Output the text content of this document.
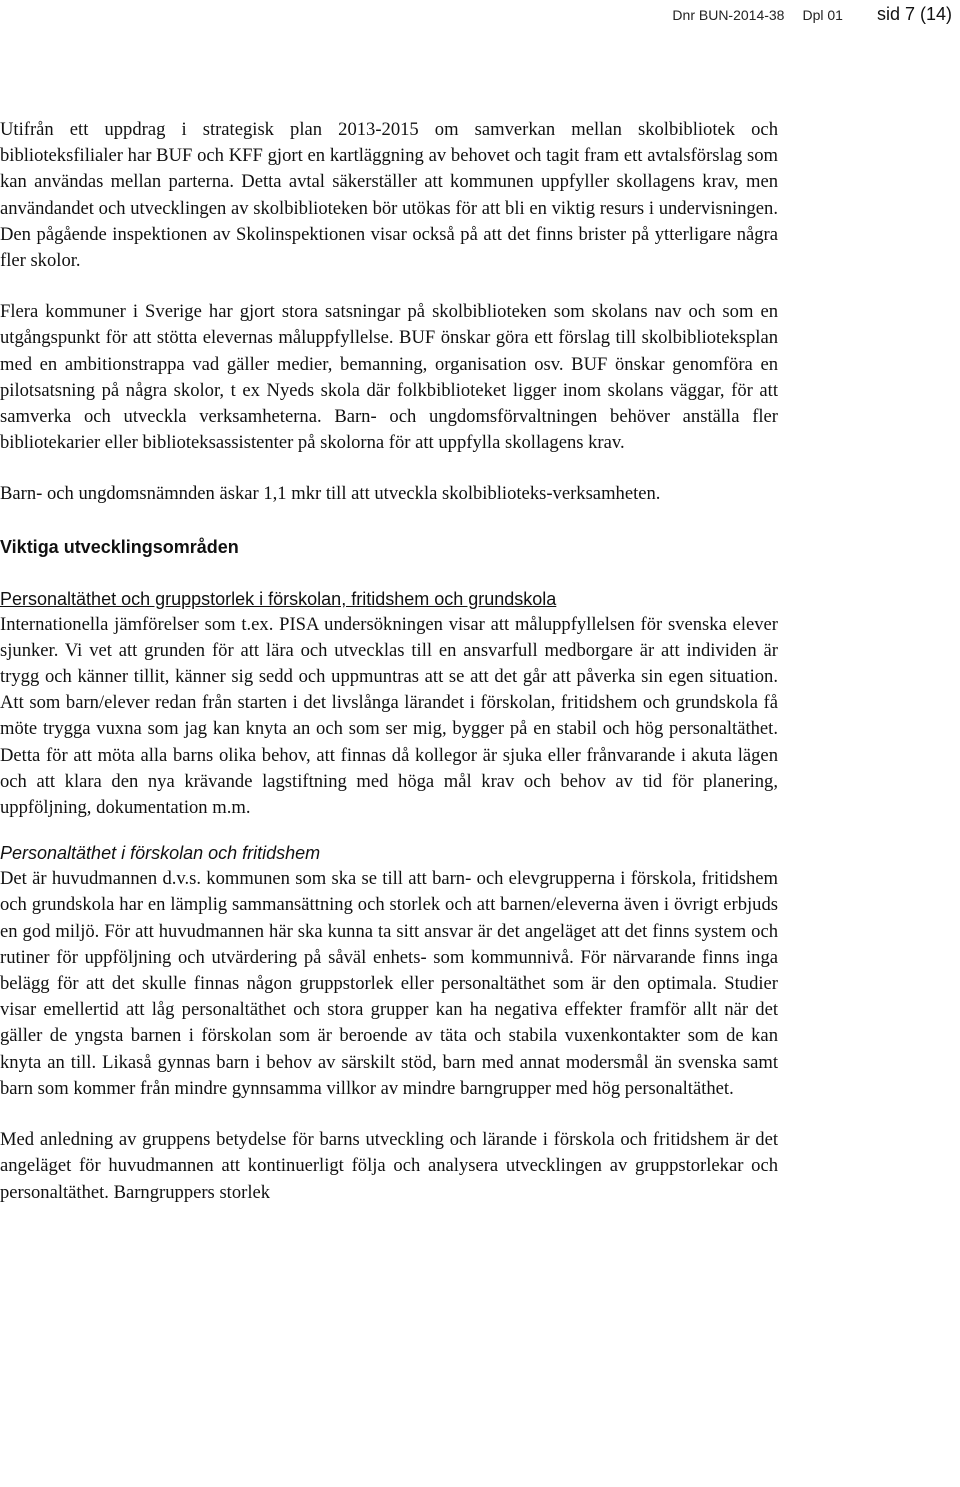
Dnr BUN-2014-38 Dpl 01 sid 7 (14)

Utifrån ett uppdrag i strategisk plan 2013-2015 om samverkan mellan skolbibliotek och biblioteksfilialer har BUF och KFF gjort en kartläggning av behovet och tagit fram ett avtalsförslag som kan användas mellan parterna. Detta avtal säkerställer att kommunen uppfyller skollagens krav, men användandet och utvecklingen av skolbiblioteken bör utökas för att bli en viktig resurs i undervisningen. Den pågående inspektionen av Skolinspektionen visar också på att det finns brister på ytterligare några fler skolor.

Flera kommuner i Sverige har gjort stora satsningar på skolbiblioteken som skolans nav och som en utgångspunkt för att stötta elevernas måluppfyllelse. BUF önskar göra ett förslag till skolbiblioteksplan med en ambitionstrappa vad gäller medier, bemanning, organisation osv. BUF önskar genomföra en pilotsatsning på några skolor, t ex Nyeds skola där folkbiblioteket ligger inom skolans väggar, för att samverka och utveckla verksamheterna. Barn- och ungdomsförvaltningen behöver anställa fler bibliotekarier eller biblioteksassistenter på skolorna för att uppfylla skollagens krav.

Barn- och ungdomsnämnden äskar 1,1 mkr till att utveckla skolbiblioteks-verksamheten.

Viktiga utvecklingsområden

Personaltäthet och gruppstorlek i förskolan, fritidshem och grundskola

Internationella jämförelser som t.ex. PISA undersökningen visar att måluppfyllelsen för svenska elever sjunker. Vi vet att grunden för att lära och utvecklas till en ansvarfull medborgare är att individen är trygg och känner tillit, känner sig sedd och uppmuntras att se att det går att påverka sin egen situation. Att som barn/elever redan från starten i det livslånga lärandet i förskolan, fritidshem och grundskola få möte trygga vuxna som jag kan knyta an och som ser mig, bygger på en stabil och hög personaltäthet. Detta för att möta alla barns olika behov, att finnas då kollegor är sjuka eller frånvarande i akuta lägen och att klara den nya krävande lagstiftning med höga mål krav och behov av tid för planering, uppföljning, dokumentation m.m.

Personaltäthet i förskolan och fritidshem

Det är huvudmannen d.v.s. kommunen som ska se till att barn- och elevgrupperna i förskola, fritidshem och grundskola har en lämplig sammansättning och storlek och att barnen/eleverna även i övrigt erbjuds en god miljö. För att huvudmannen här ska kunna ta sitt ansvar är det angeläget att det finns system och rutiner för uppföljning och utvärdering på såväl enhets- som kommunnivå. För närvarande finns inga belägg för att det skulle finnas någon gruppstorlek eller personaltäthet som är den optimala. Studier visar emellertid att låg personaltäthet och stora grupper kan ha negativa effekter framför allt när det gäller de yngsta barnen i förskolan som är beroende av täta och stabila vuxenkontakter som de kan knyta an till. Likaså gynnas barn i behov av särskilt stöd, barn med annat modersmål än svenska samt barn som kommer från mindre gynnsamma villkor av mindre barngrupper med hög personaltäthet.

Med anledning av gruppens betydelse för barns utveckling och lärande i förskola och fritidshem är det angeläget för huvudmannen att kontinuerligt följa och analysera utvecklingen av gruppstorlekar och personaltäthet. Barngruppers storlek
